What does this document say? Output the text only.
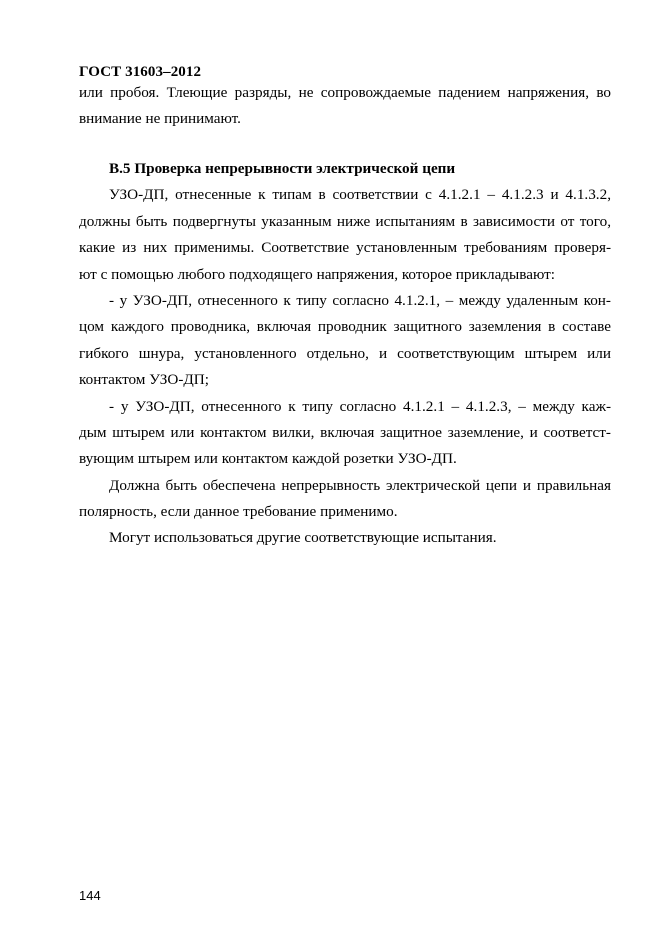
ГОСТ 31603–2012
или пробоя. Тлеющие разряды, не сопровождаемые падением напряжения, во
внимание не принимают.
В.5 Проверка непрерывности электрической цепи
УЗО-ДП, отнесенные к типам в соответствии с 4.1.2.1 – 4.1.2.3 и 4.1.3.2,
должны быть подвергнуты указанным ниже испытаниям в зависимости от того,
какие из них применимы. Соответствие установленным требованиям проверя-
ют с помощью любого подходящего напряжения, которое прикладывают:
- у УЗО-ДП, отнесенного к типу согласно 4.1.2.1, – между удаленным кон-
цом каждого проводника, включая проводник защитного заземления в составе
гибкого шнура, установленного отдельно, и соответствующим штырем или
контактом УЗО-ДП;
- у УЗО-ДП, отнесенного к типу согласно 4.1.2.1 – 4.1.2.3, – между каж-
дым штырем или контактом вилки, включая защитное заземление, и соответст-
вующим штырем или контактом каждой розетки УЗО-ДП.
Должна быть обеспечена непрерывность электрической цепи и правильная
полярность, если данное требование применимо.
Могут использоваться другие соответствующие испытания.
144
